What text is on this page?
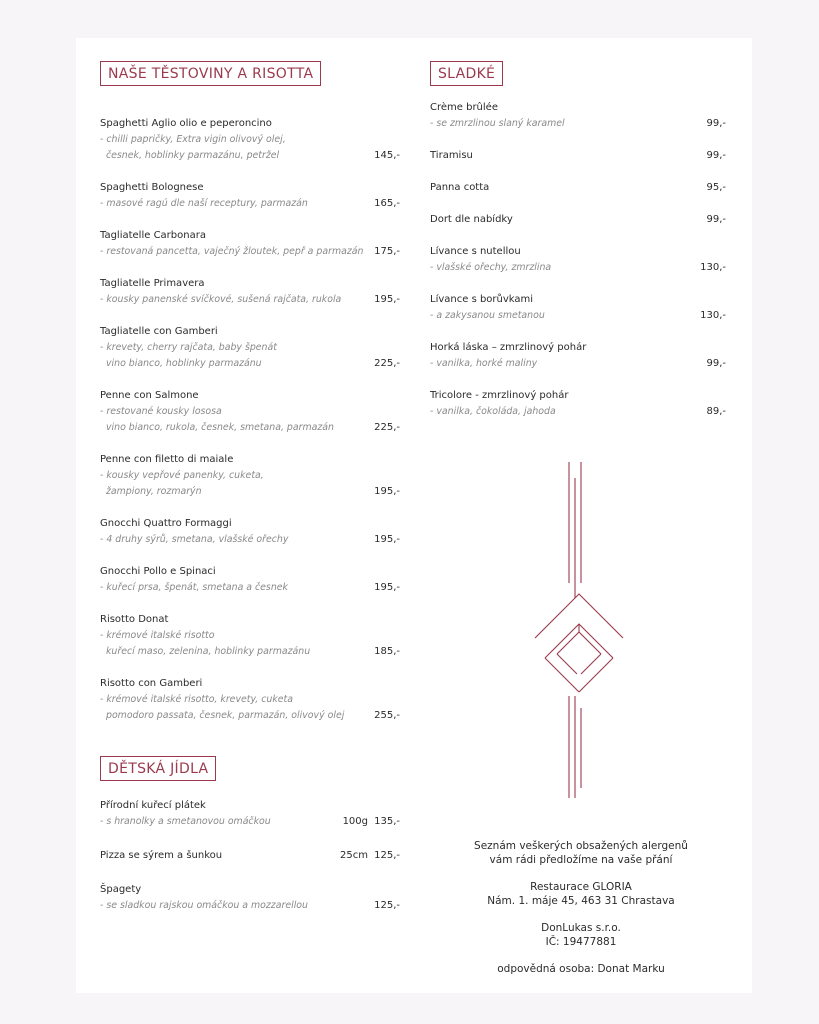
NAŠE TĚSTOVINY A RISOTTA
Spaghetti Aglio olio e peperoncino
- chilli papričky, Extra vigin olivový olej,
česnek, hoblinky parmazánu, petržel	145,-
Spaghetti Bolognese
- masové ragú dle naší receptury, parmazán	165,-
Tagliatelle Carbonara
- restovaná pancetta, vaječný žloutek, pepř a parmazán	175,-
Tagliatelle Primavera
- kousky panenské svíčkové, sušená rajčata, rukola	195,-
Tagliatelle con Gamberi
- krevety, cherry rajčata, baby špenát
vino bianco, hoblinky parmazánu	225,-
Penne con Salmone
- restované kousky lososa
vino bianco, rukola, česnek, smetana, parmazán	225,-
Penne con filetto di maiale
- kousky vepřové panenky, cuketa,
žampiony, rozmarýn	195,-
Gnocchi Quattro Formaggi
- 4 druhy sýrů, smetana, vlašské ořechy	195,-
Gnocchi Pollo e Spinaci
- kuřecí prsa, špenát, smetana a česnek	195,-
Risotto Donat
- krémové italské risotto
kuřecí maso, zelenina, hoblinky parmazánu	185,-
Risotto con Gamberi
- krémové italské risotto, krevety, cuketa
pomodoro passata, česnek, parmazán, olivový olej	255,-
DĚTSKÁ JÍDLA
Přírodní kuřecí plátek
- s hranolky a smetanovou omáčkou	100g 135,-
Pizza se sýrem a šunkou	25cm 125,-
Špagety
- se sladkou rajskou omáčkou a mozzarellou	125,-
SLADKÉ
Crème brûlée
- se zmrzlinou slaný karamel	99,-
Tiramisu	99,-
Panna cotta	95,-
Dort dle nabídky	99,-
Lívance s nutellou
- vlašské ořechy, zmrzlina	130,-
Lívance s borůvkami
- a zakysanou smetanou	130,-
Horká láska – zmrzlinový pohár
- vanilka, horké maliny	99,-
Tricolore - zmrzlinový pohár
- vanilka, čokoláda, jahoda	89,-

Seznám veškerých obsažených alergenů

vám rádi předložíme na vaše přání

Restaurace GLORIA

Nám. 1. máje 45, 463 31 Chrastava

DonLukas s.r.o.

IČ: 19477881

odpovědná osoba: Donat Marku
